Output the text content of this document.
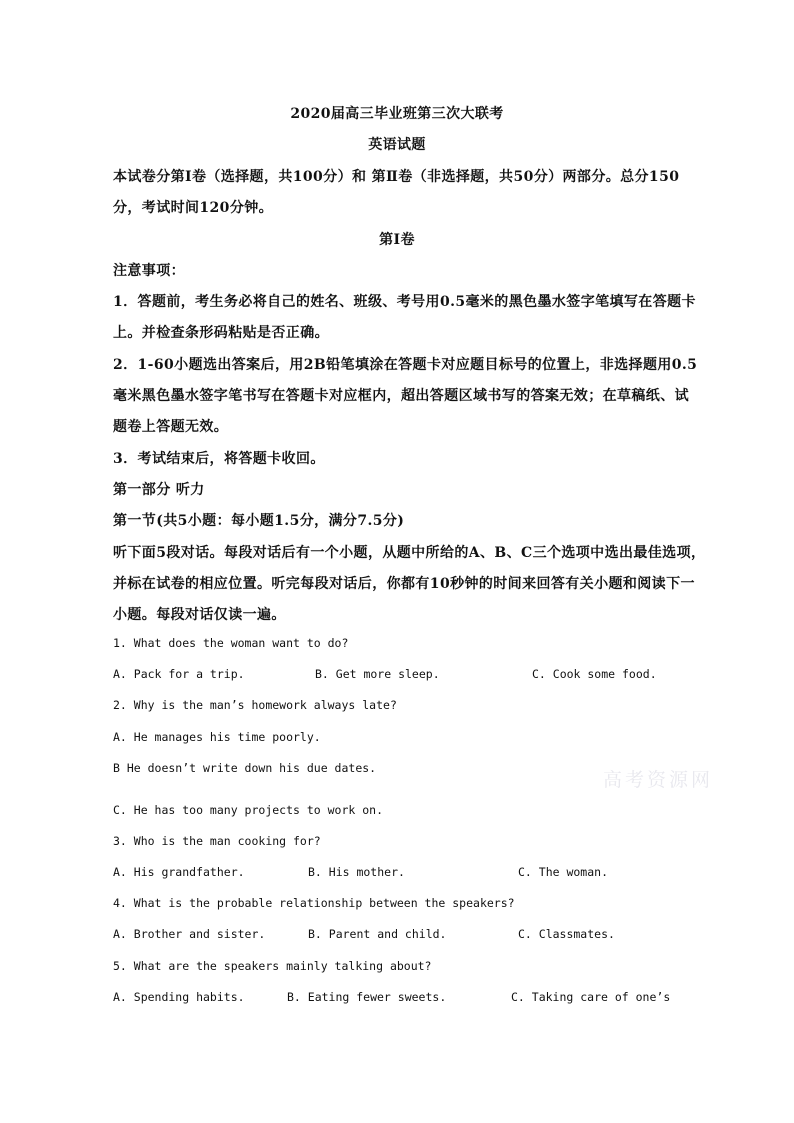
2020届高三毕业班第三次大联考
英语试题
本试卷分第Ⅰ卷（选择题，共100分）和 第Ⅱ卷（非选择题，共50分）两部分。总分150
分，考试时间120分钟。
第Ⅰ卷
注意事项：
1．答题前，考生务必将自己的姓名、班级、考号用0.5毫米的黑色墨水签字笔填写在答题卡
上。并检查条形码粘贴是否正确。
2．1-60小题选出答案后，用2B铅笔填涂在答题卡对应题目标号的位置上，非选择题用0.5
毫米黑色墨水签字笔书写在答题卡对应框内，超出答题区域书写的答案无效；在草稿纸、试
题卷上答题无效。
3．考试结束后，将答题卡收回。
第一部分 听力
第一节(共5小题：每小题1.5分，满分7.5分)
听下面5段对话。每段对话后有一个小题，从题中所给的A、B、C三个选项中选出最佳选项，
并标在试卷的相应位置。听完每段对话后，你都有10秒钟的时间来回答有关小题和阅读下一
小题。每段对话仅读一遍。
1. What does the woman want to do?
A. Pack for a trip.	B. Get more sleep.	C. Cook some food.
2. Why is the man’s homework always late?
A. He manages his time poorly.
B He doesn’t write down his due dates.
C. He has too many projects to work on.
高考资源网
3. Who is the man cooking for?
A. His grandfather.	B. His mother.	C. The woman.
4. What is the probable relationship between the speakers?
A. Brother and sister.	B. Parent and child.	C. Classmates.
5. What are the speakers mainly talking about?
A. Spending habits.	B. Eating fewer sweets.	C. Taking care of one’s
